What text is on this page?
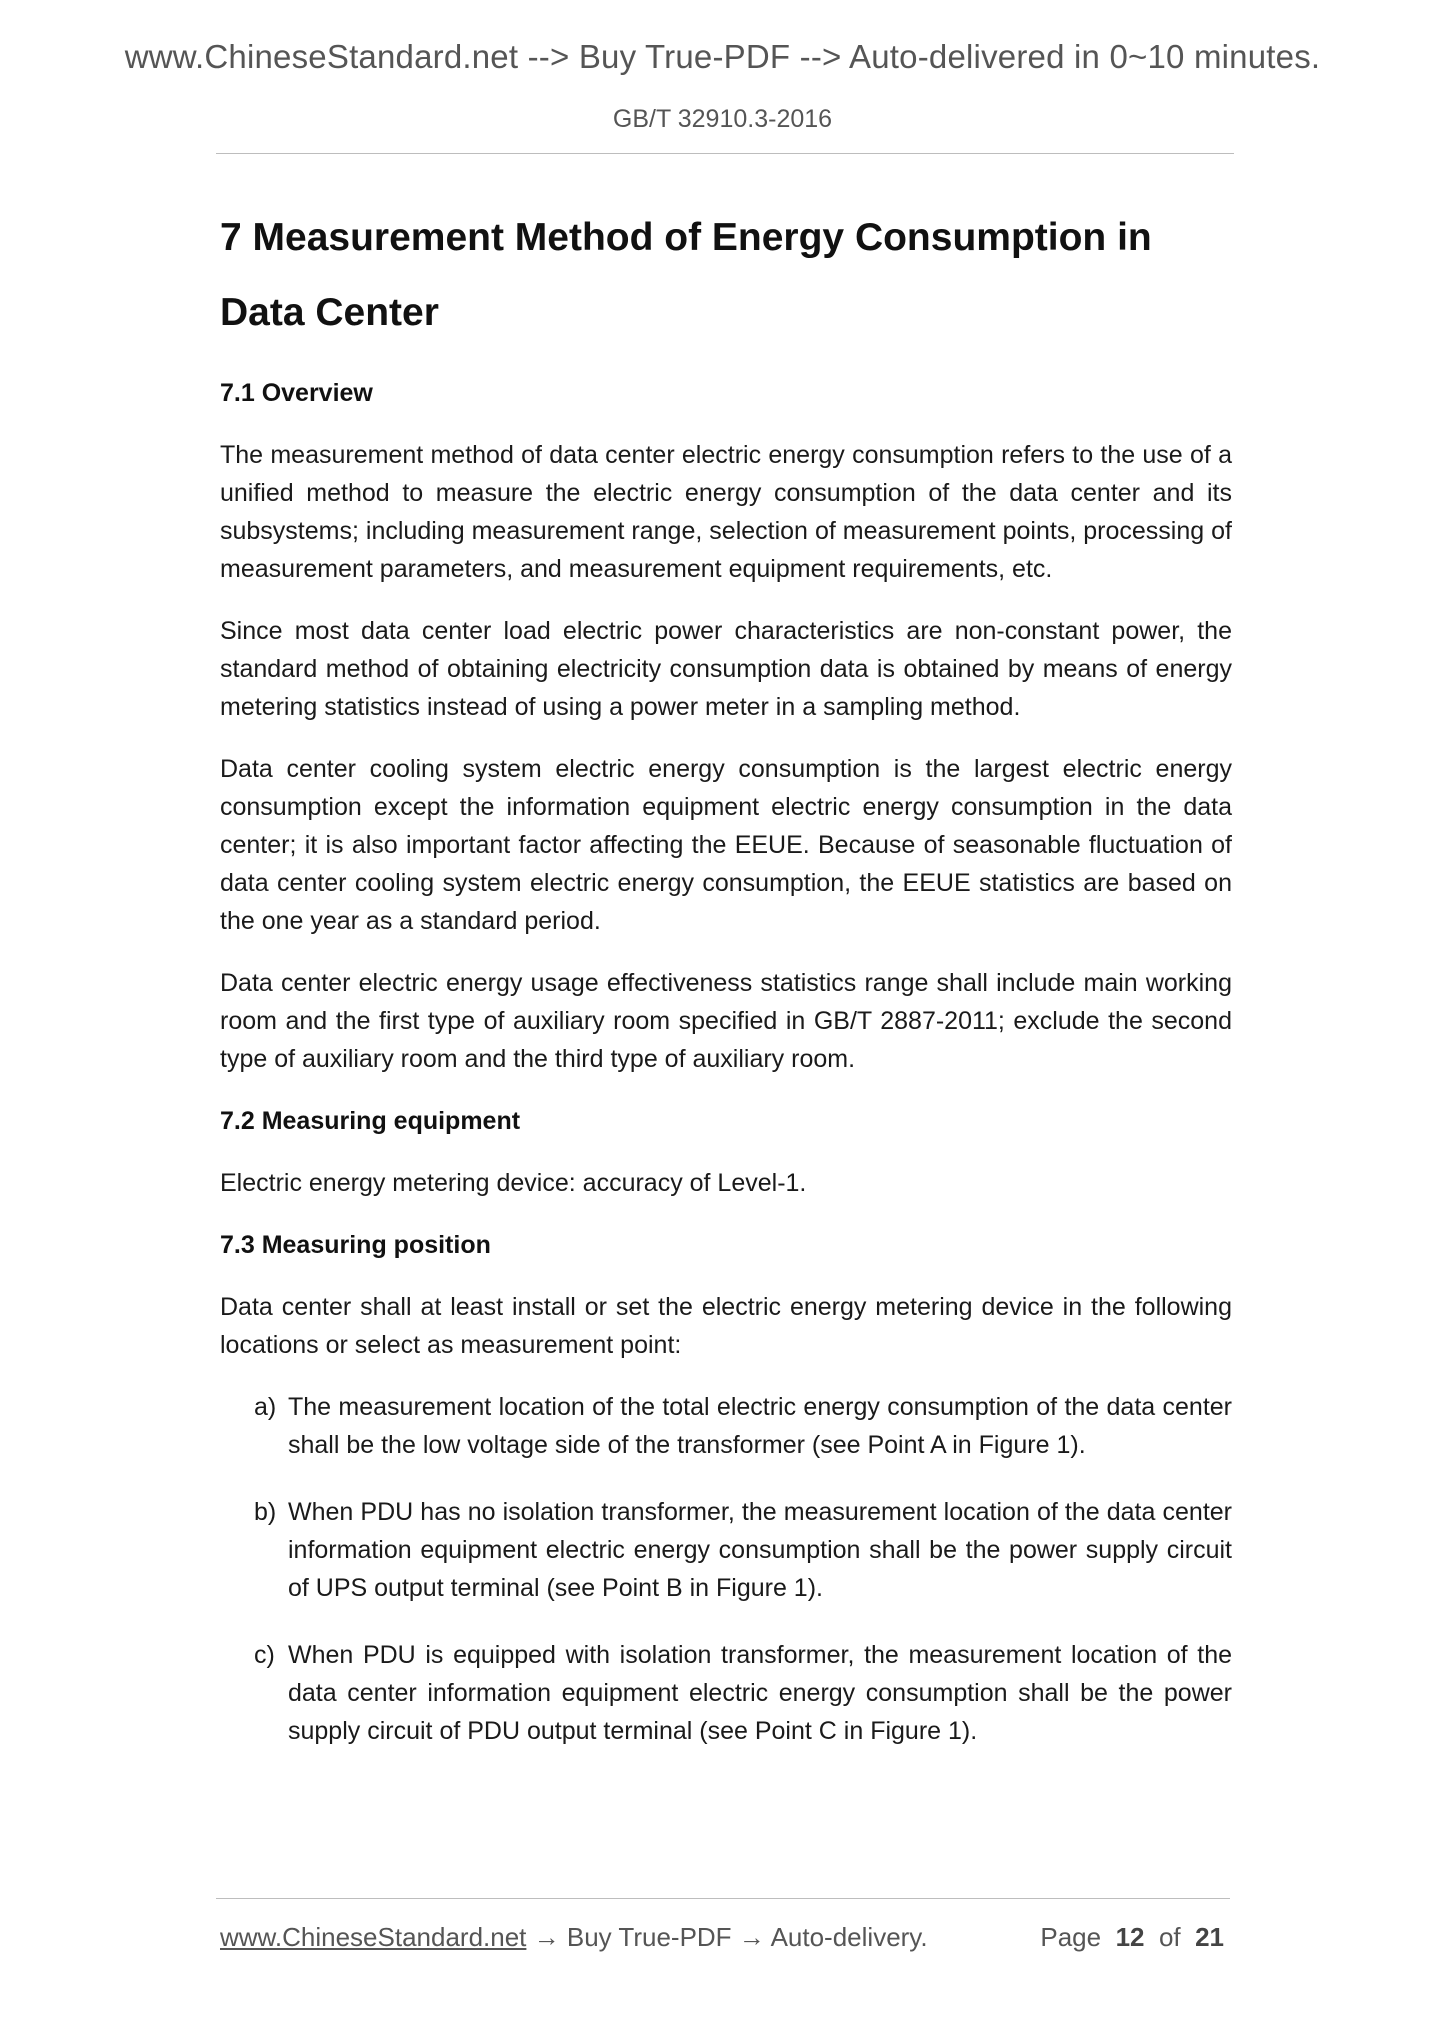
www.ChineseStandard.net --> Buy True-PDF --> Auto-delivered in 0~10 minutes.
GB/T 32910.3-2016
7 Measurement Method of Energy Consumption in Data Center
7.1 Overview

The measurement method of data center electric energy consumption refers to the use of a unified method to measure the electric energy consumption of the data center and its subsystems; including measurement range, selection of measurement points, processing of measurement parameters, and measurement equipment requirements, etc.

Since most data center load electric power characteristics are non-constant power, the standard method of obtaining electricity consumption data is obtained by means of energy metering statistics instead of using a power meter in a sampling method.

Data center cooling system electric energy consumption is the largest electric energy consumption except the information equipment electric energy consumption in the data center; it is also important factor affecting the EEUE. Because of seasonable fluctuation of data center cooling system electric energy consumption, the EEUE statistics are based on the one year as a standard period.

Data center electric energy usage effectiveness statistics range shall include main working room and the first type of auxiliary room specified in GB/T 2887-2011; exclude the second type of auxiliary room and the third type of auxiliary room.

7.2 Measuring equipment

Electric energy metering device: accuracy of Level-1.

7.3 Measuring position

Data center shall at least install or set the electric energy metering device in the following locations or select as measurement point:

a) The measurement location of the total electric energy consumption of the data center shall be the low voltage side of the transformer (see Point A in Figure 1).
b) When PDU has no isolation transformer, the measurement location of the data center information equipment electric energy consumption shall be the power supply circuit of UPS output terminal (see Point B in Figure 1).
c) When PDU is equipped with isolation transformer, the measurement location of the data center information equipment electric energy consumption shall be the power supply circuit of PDU output terminal (see Point C in Figure 1).
www.ChineseStandard.net → Buy True-PDF → Auto-delivery.	Page 12 of 21
